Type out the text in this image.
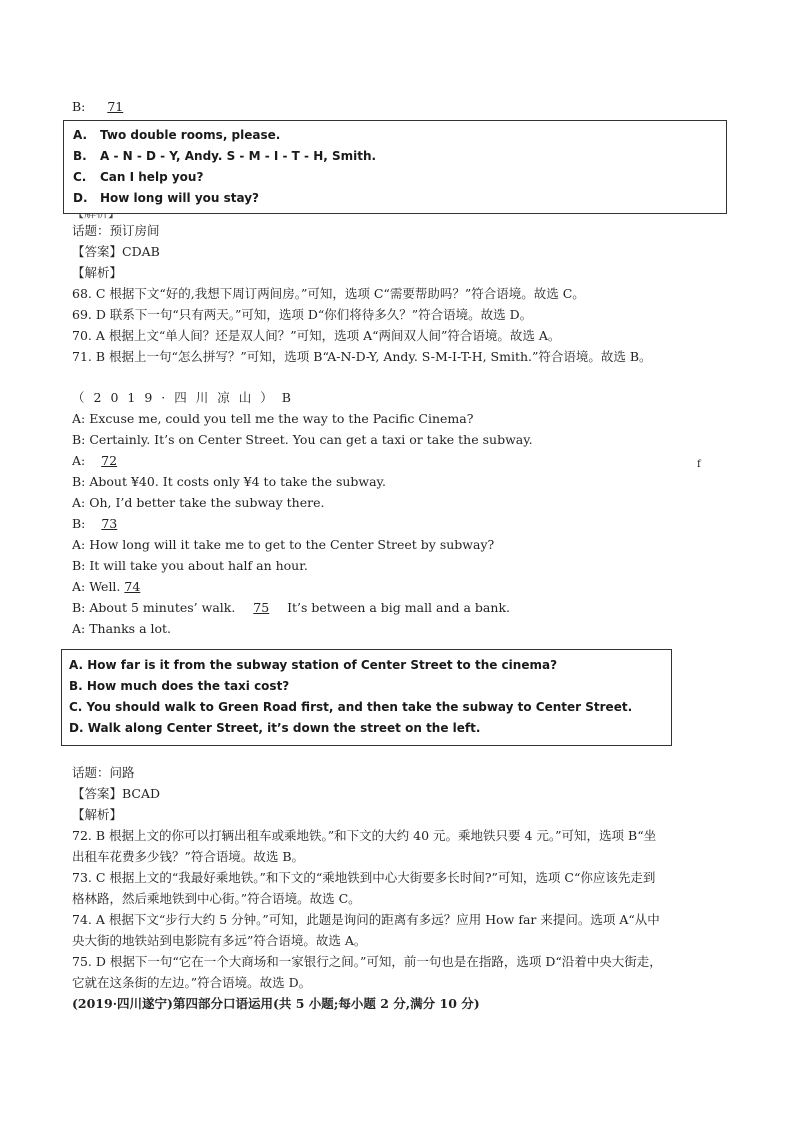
B: 71
A. Two double rooms, please.
B. A - N - D - Y, Andy. S - M - I - T - H, Smith.
C. Can I help you?
D. How long will you stay?
话题：预订房间
【答案】CDAB
【解析】
68. C 根据下文“好的,我想下周订两间房。”可知，选项 C“需要帮助吗？”符合语境。故选 C。
69. D 联系下一句“只有两天。”可知，选项 D“你们将待多久？”符合语境。故选 D。
70. A 根据上文“单人间？还是双人间？”可知，选项 A“两间双人间”符合语境。故选 A。
71. B 根据上一句“怎么拼写？”可知，选项 B“A-N-D-Y, Andy. S-M-I-T-H, Smith.”符合语境。故选 B。
（2019·四川凉山）B
A: Excuse me, could you tell me the way to the Pacific Cinema?
B: Certainly. It’s on Center Street. You can get a taxi or take the subway.
A: 72	f
B: About ¥40. It costs only ¥4 to take the subway.
A: Oh, I’d better take the subway there.
B: 73
A: How long will it take me to get to the Center Street by subway?
B: It will take you about half an hour.
A: Well. 74
B: About 5 minutes’ walk. 75 It’s between a big mall and a bank.
A: Thanks a lot.
A. How far is it from the subway station of Center Street to the cinema?
B. How much does the taxi cost?
C. You should walk to Green Road first, and then take the subway to Center Street.
D. Walk along Center Street, it’s down the street on the left.
话题：问路
【答案】BCAD
【解析】
72. B 根据上文的你可以打辆出租车或乘地铁。”和下文的大约 40 元。乘地铁只要 4 元。”可知，选项 B“坐
出租车花费多少钱？”符合语境。故选 B。
73. C 根据上文的“我最好乘地铁。”和下文的“乘地铁到中心大街要多长时间?”可知，选项 C“你应该先走到
格林路，然后乘地铁到中心街。”符合语境。故选 C。
74. A 根据下文“步行大约 5 分钟。”可知，此题是询问的距离有多远？应用 How far 来提问。选项 A“从中
央大街的地铁站到电影院有多远”符合语境。故选 A。
75. D 根据下一句“它在一个大商场和一家银行之间。”可知，前一句也是在指路，选项 D“沿着中央大街走，
它就在这条街的左边。”符合语境。故选 D。
(2019·四川遂宁)第四部分口语运用(共 5 小题;每小题 2 分,满分 10 分)
